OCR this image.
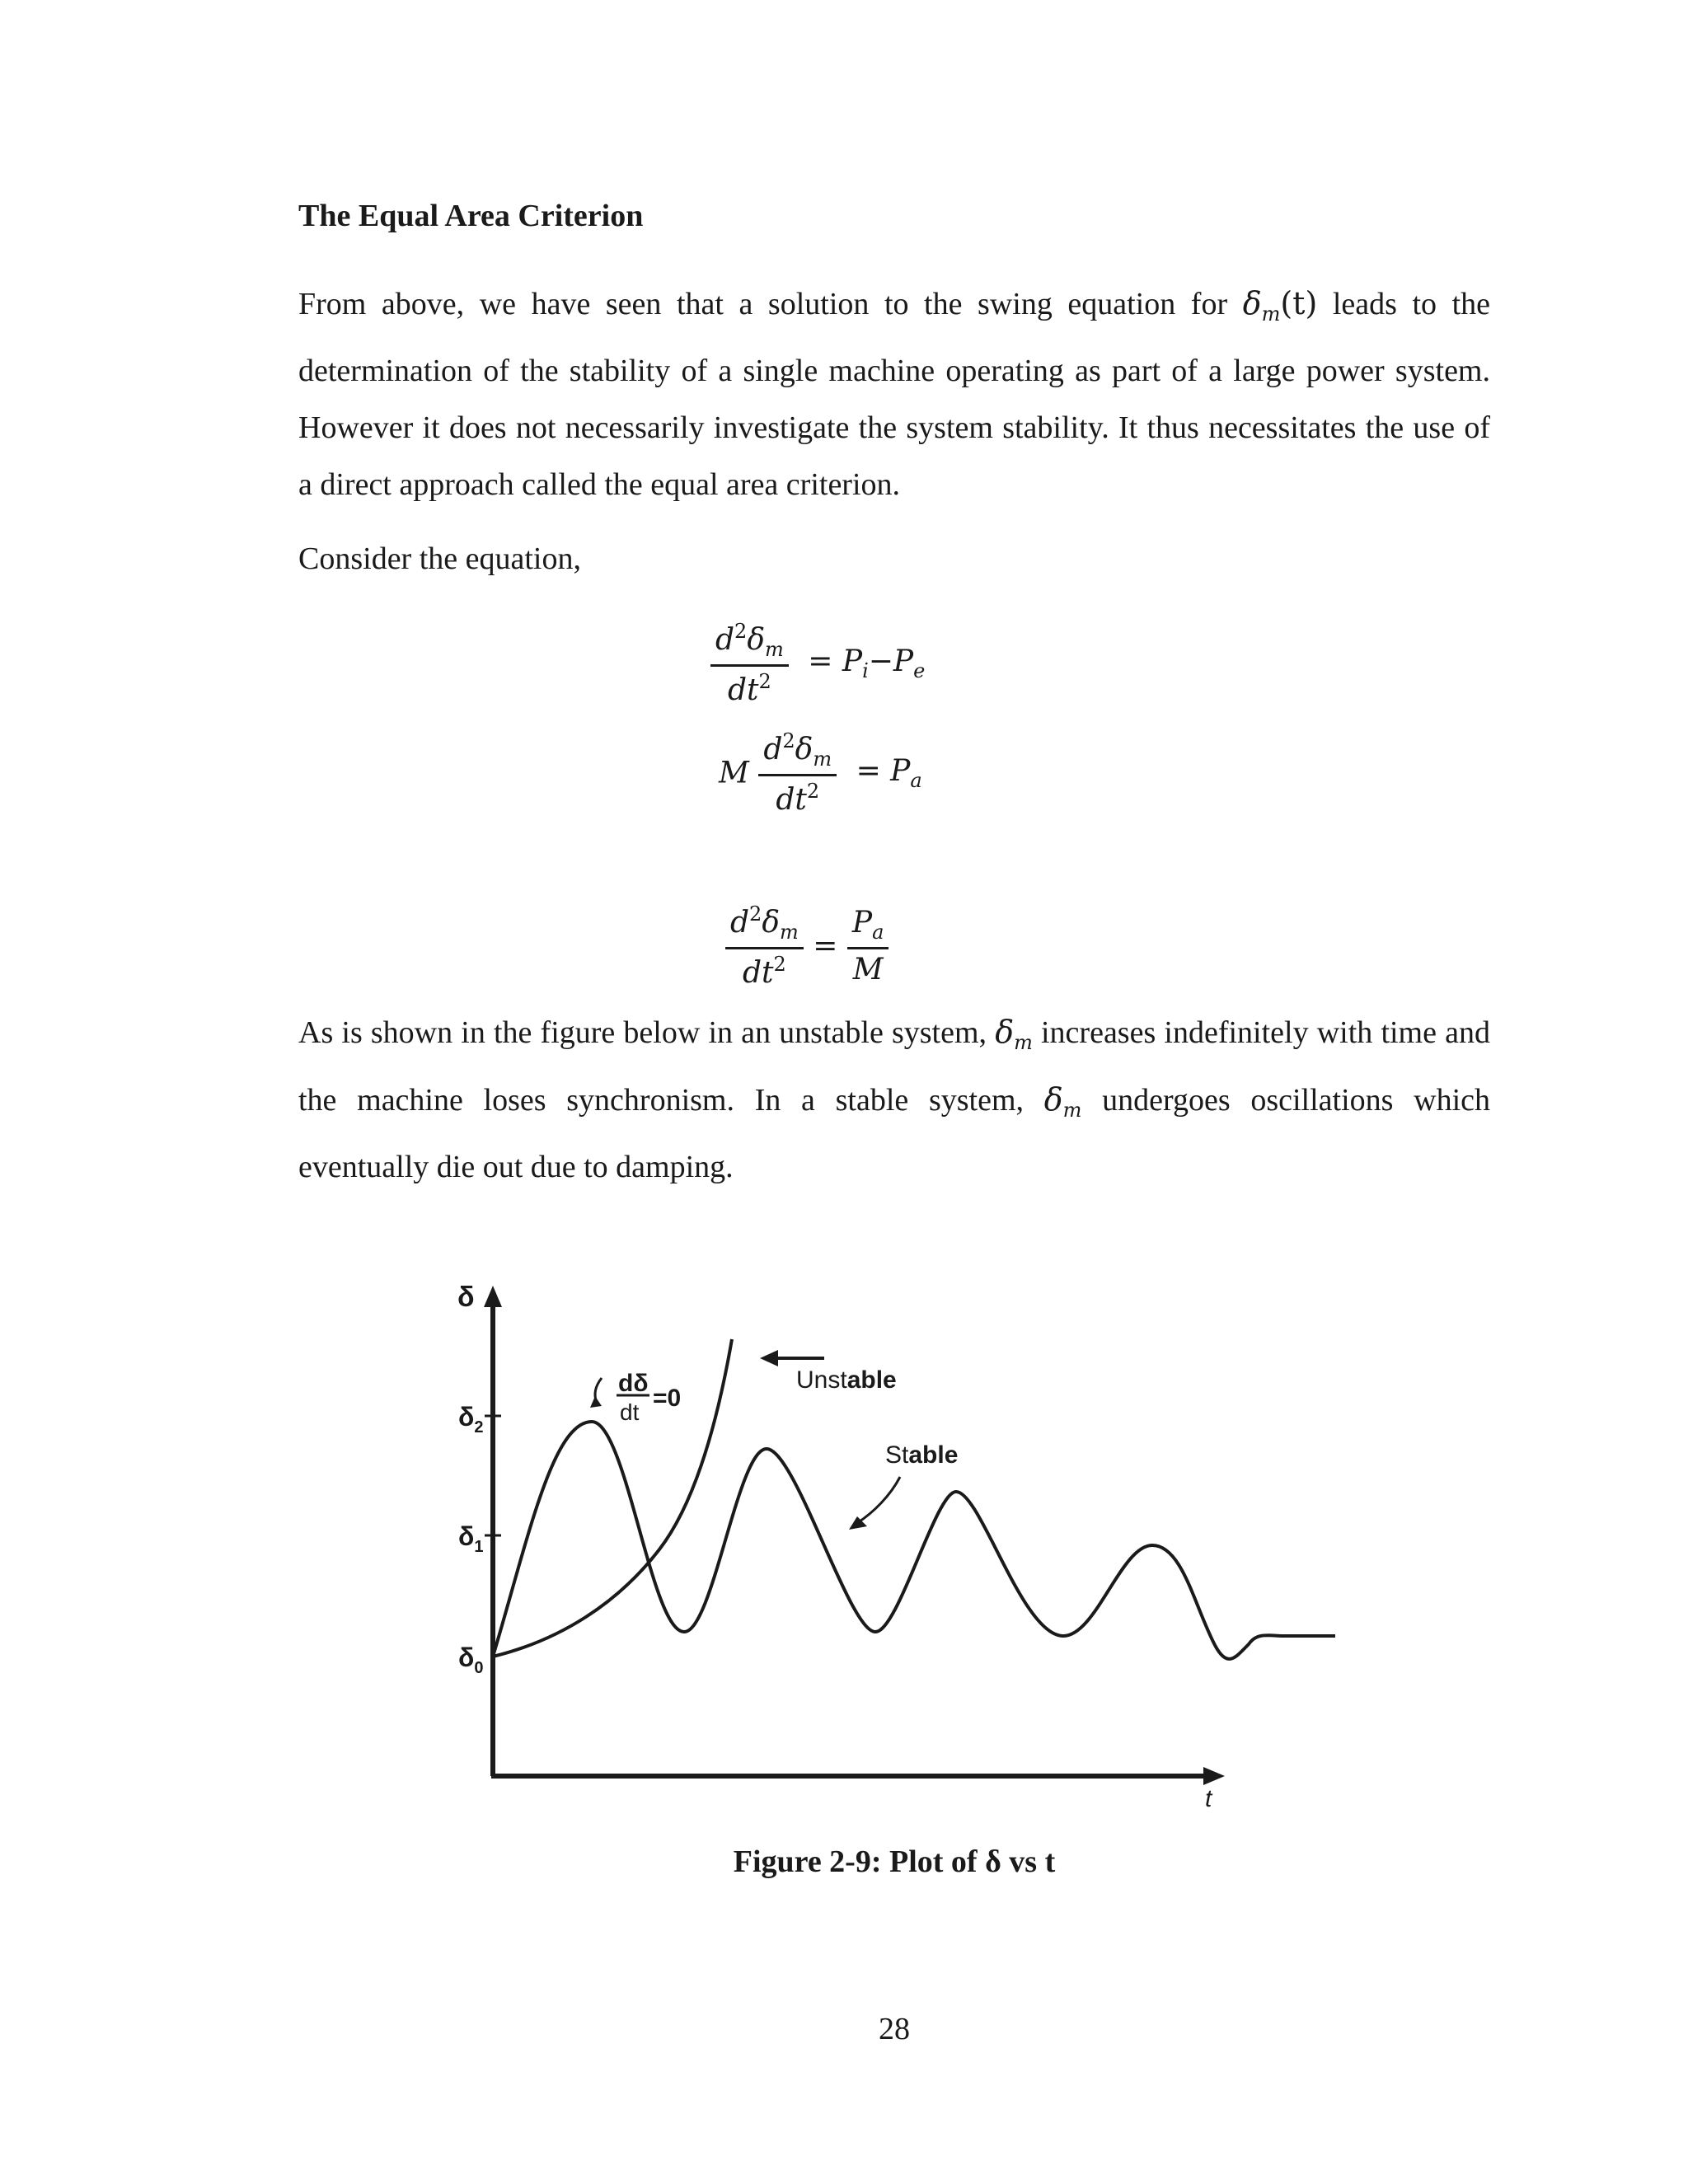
The Equal Area Criterion
From above, we have seen that a solution to the swing equation for $\delta_m(t)$ leads to the determination of the stability of a single machine operating as part of a large power system. However it does not necessarily investigate the system stability. It thus necessitates the use of a direct approach called the equal area criterion.
Consider the equation,
$\frac{d^2\delta_m}{dt^2} = P_i-P_e$
M $\frac{d^2\delta_m}{dt^2} = P_a$
$\frac{d^2\delta_m}{dt^2} = \frac{P_a}{M}$
As is shown in the figure below in an unstable system, $\delta_m$ increases indefinitely with time and the machine loses synchronism. In a stable system, $\delta_m$ undergoes oscillations which eventually die out due to damping.
δ
t
$\delta_2$
$\delta_1$
$\delta_0$
dδ
dt
=0
Unstable
Stable
Figure 2-9: Plot of δ vs t
28
